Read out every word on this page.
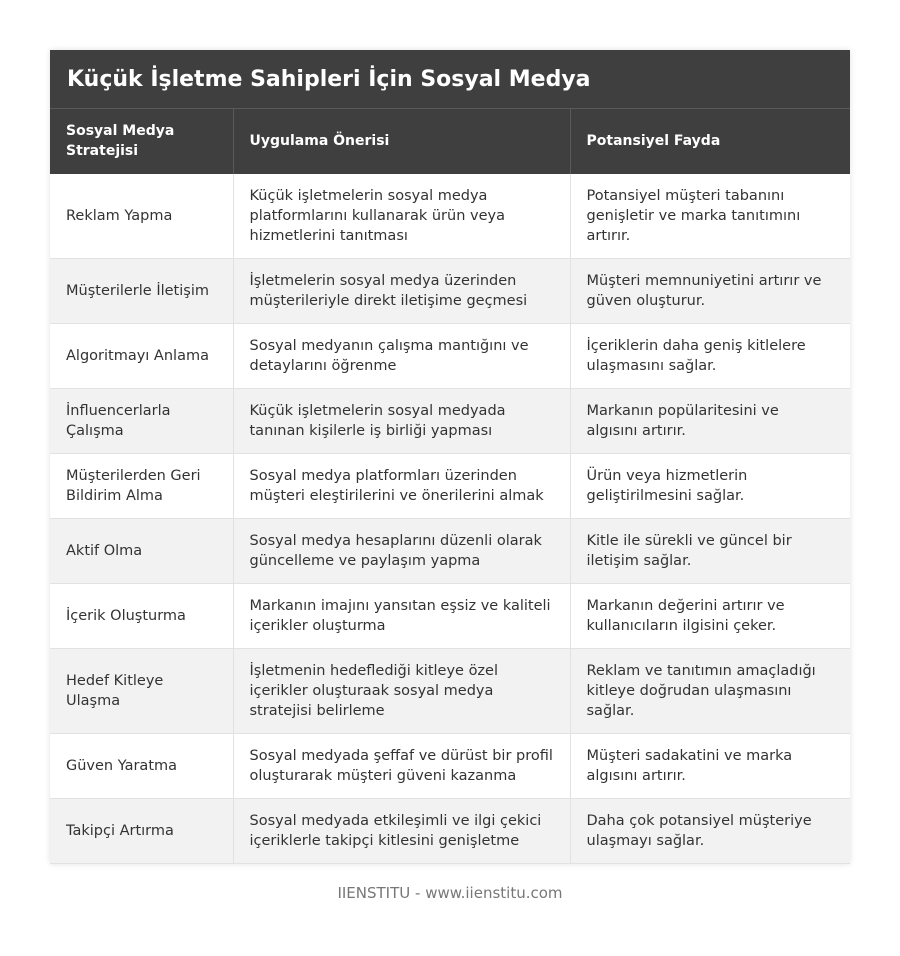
Küçük İşletme Sahipleri İçin Sosyal Medya
Sosyal Medya Stratejisi	Uygulama Önerisi	Potansiyel Fayda
Reklam Yapma	Küçük işletmelerin sosyal medya platformlarını kullanarak ürün veya hizmetlerini tanıtması	Potansiyel müşteri tabanını genişletir ve marka tanıtımını artırır.
Müşterilerle İletişim	İşletmelerin sosyal medya üzerinden müşterileriyle direkt iletişime geçmesi	Müşteri memnuniyetini artırır ve güven oluşturur.
Algoritmayı Anlama	Sosyal medyanın çalışma mantığını ve detaylarını öğrenme	İçeriklerin daha geniş kitlelere ulaşmasını sağlar.
İnfluencerlarla Çalışma	Küçük işletmelerin sosyal medyada tanınan kişilerle iş birliği yapması	Markanın popülaritesini ve algısını artırır.
Müşterilerden Geri Bildirim Alma	Sosyal medya platformları üzerinden müşteri eleştirilerini ve önerilerini almak	Ürün veya hizmetlerin geliştirilmesini sağlar.
Aktif Olma	Sosyal medya hesaplarını düzenli olarak güncelleme ve paylaşım yapma	Kitle ile sürekli ve güncel bir iletişim sağlar.
İçerik Oluşturma	Markanın imajını yansıtan eşsiz ve kaliteli içerikler oluşturma	Markanın değerini artırır ve kullanıcıların ilgisini çeker.
Hedef Kitleye Ulaşma	İşletmenin hedeflediği kitleye özel içerikler oluşturaak sosyal medya stratejisi belirleme	Reklam ve tanıtımın amaçladığı kitleye doğrudan ulaşmasını sağlar.
Güven Yaratma	Sosyal medyada şeffaf ve dürüst bir profil oluşturarak müşteri güveni kazanma	Müşteri sadakatini ve marka algısını artırır.
Takipçi Artırma	Sosyal medyada etkileşimli ve ilgi çekici içeriklerle takipçi kitlesini genişletme	Daha çok potansiyel müşteriye ulaşmayı sağlar.
IIENSTITU - www.iienstitu.com
